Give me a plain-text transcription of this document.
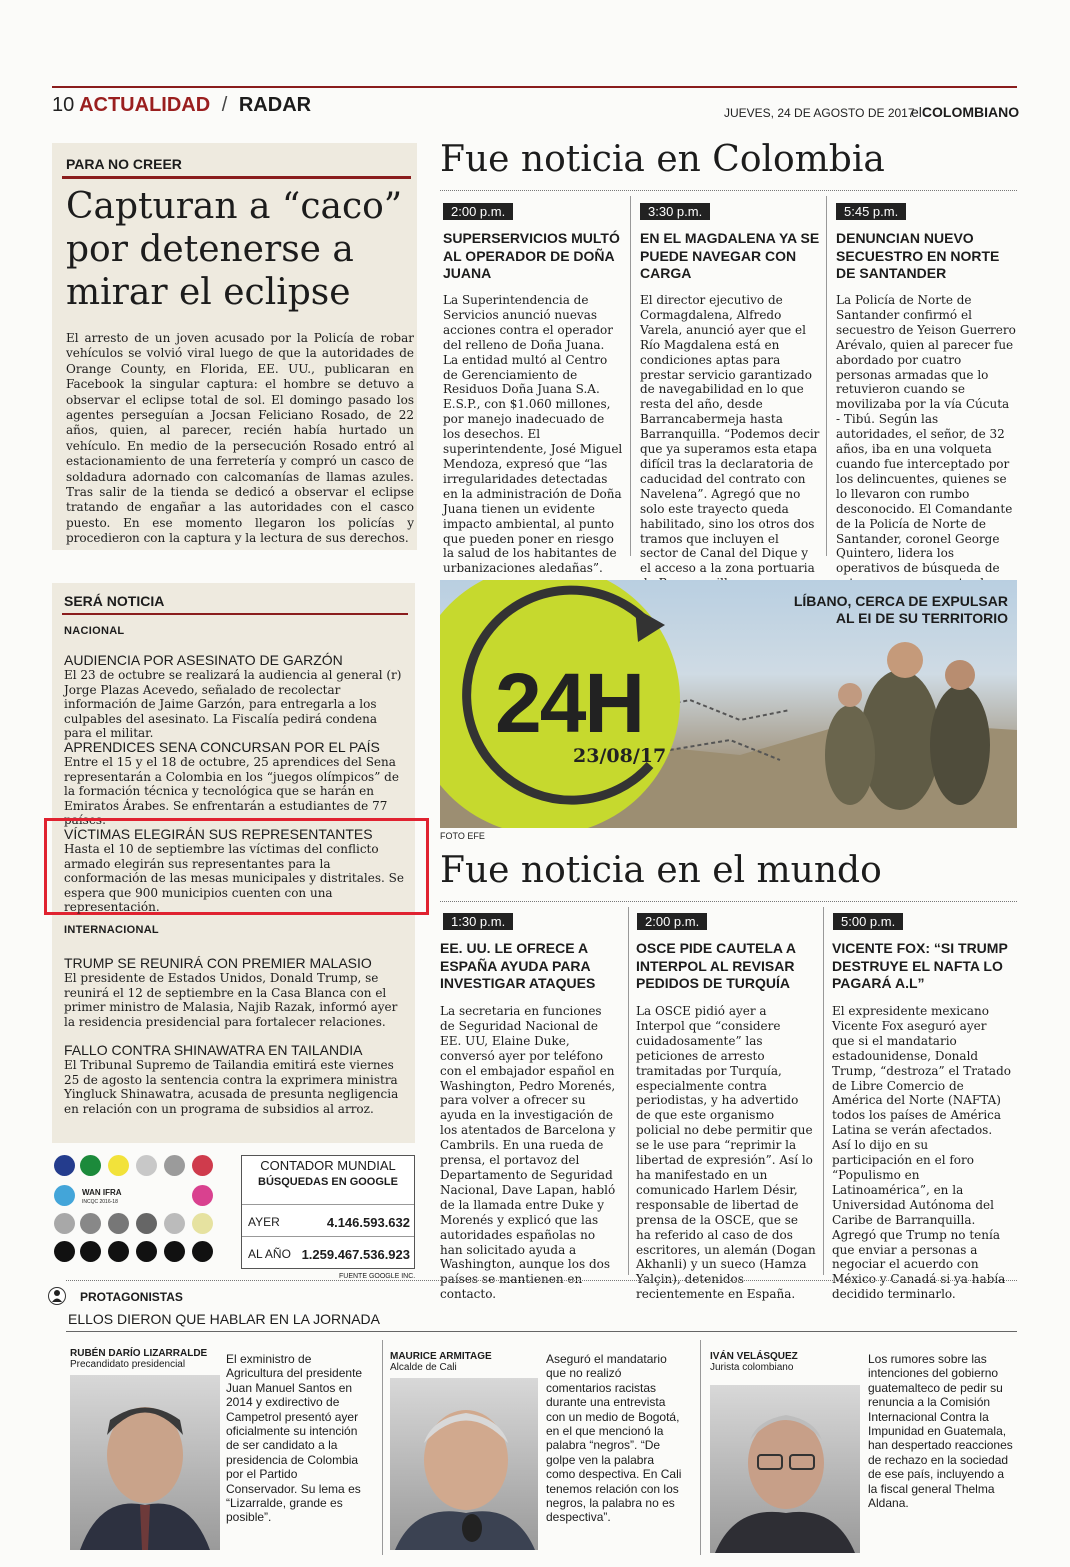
10 ACTUALIDAD / RADAR	JUEVES, 24 DE AGOSTO DE 2017
elCOLOMBIANO
PARA NO CREER
Capturan a “caco” por detenerse a mirar el eclipse
El arresto de un joven acusado por la Policía de robar vehículos se volvió viral luego de que la autoridades de Orange County, en Florida, EE. UU., publicaran en Facebook la singular captura: el hombre se detuvo a observar el eclipse total de sol. El domingo pasado los agentes perseguían a Jocsan Feliciano Rosado, de 22 años, quien, al parecer, recién había hurtado un vehículo. En medio de la persecución Rosado entró al estacionamiento de una ferretería y compró un casco de soldadura adornado con calcomanías de llamas azules. Tras salir de la tienda se dedicó a observar el eclipse tratando de engañar a las autoridades con el casco puesto. En ese momento llegaron los policías y procedieron con la captura y la lectura de sus derechos.
Fue noticia en Colombia
2:00 p.m.
SUPERSERVICIOS MULTÓ AL OPERADOR DE DOÑA JUANA
La Superintendencia de Servicios anunció nuevas acciones contra el operador del relleno de Doña Juana. La entidad multó al Centro de Gerenciamiento de Residuos Doña Juana S.A. E.S.P., con $1.060 millones, por manejo inadecuado de los desechos. El superintendente, José Miguel Mendoza, expresó que “las irregularidades detectadas en la administración de Doña Juana tienen un evidente impacto ambiental, al punto que pueden poner en riesgo la salud de los habitantes de urbanizaciones aledañas”.
3:30 p.m.
EN EL MAGDALENA YA SE PUEDE NAVEGAR CON CARGA
El director ejecutivo de Cormagdalena, Alfredo Varela, anunció ayer que el Río Magdalena está en condiciones aptas para prestar servicio garantizado de navegabilidad en lo que resta del año, desde Barrancabermeja hasta Barranquilla. “Podemos decir que ya superamos esta etapa difícil tras la declaratoria de caducidad del contrato con Navelena”. Agregó que no solo este trayecto queda habilitado, sino los otros dos tramos que incluyen el sector de Canal del Dique y el acceso a la zona portuaria
5:45 p.m.
DENUNCIAN NUEVO SECUESTRO EN NORTE DE SANTANDER
La Policía de Norte de Santander confirmó el secuestro de Yeison Guerrero Arévalo, quien al parecer fue abordado por cuatro personas armadas que lo retuvieron cuando se movilizaba por la vía Cúcuta - Tibú. Según las autoridades, el señor, de 32 años, iba en una volqueta cuando fue interceptado por los delincuentes, quienes se lo llevaron con rumbo desconocido. El Comandante de la Policía de Norte de Santander, coronel George Quintero, lidera los operativos de búsqueda de
SERÁ NOTICIA
NACIONAL
AUDIENCIA POR ASESINATO DE GARZÓN
El 23 de octubre se realizará la audiencia al general (r) Jorge Plazas Acevedo, señalado de recolectar información de Jaime Garzón, para entregarla a los culpables del asesinato. La Fiscalía pedirá condena para el militar.
APRENDICES SENA CONCURSAN POR EL PAÍS
Entre el 15 y el 18 de octubre, 25 aprendices del Sena representarán a Colombia en los “juegos olímpicos” de la formación técnica y tecnológica que se harán en Emiratos Árabes. Se enfrentarán a estudiantes de 77 países.
VÍCTIMAS ELEGIRÁN SUS REPRESENTANTES
Hasta el 10 de septiembre las víctimas del conflicto armado elegirán sus representantes para la conformación de las mesas municipales y distritales. Se espera que 900 municipios cuenten con una representación.
INTERNACIONAL
TRUMP SE REUNIRÁ CON PREMIER MALASIO
El presidente de Estados Unidos, Donald Trump, se reunirá el 12 de septiembre en la Casa Blanca con el primer ministro de Malasia, Najib Razak, informó ayer la residencia presidencial para fortalecer relaciones.
FALLO CONTRA SHINAWATRA EN TAILANDIA
El Tribunal Supremo de Tailandia emitirá este viernes 25 de agosto la sentencia contra la exprimera ministra Yingluck Shinawatra, acusada de presunta negligencia en relación con un programa de subsidios al arroz.
24H
23/08/17
LÍBANO, CERCA DE EXPULSAR AL EI DE SU TERRITORIO
FOTO EFE
Fue noticia en el mundo
1:30 p.m.
EE. UU. LE OFRECE A ESPAÑA AYUDA PARA INVESTIGAR ATAQUES
La secretaria en funciones de Seguridad Nacional de EE. UU, Elaine Duke, conversó ayer por teléfono con el embajador español en Washington, Pedro Morenés, para volver a ofrecer su ayuda en la investigación de los atentados de Barcelona y Cambrils. En una rueda de prensa, el portavoz del Departamento de Seguridad Nacional, Dave Lapan, habló de la llamada entre Duke y Morenés y explicó que las autoridades españolas no han solicitado ayuda a Washington, aunque los dos países se mantienen en contacto.
2:00 p.m.
OSCE PIDE CAUTELA A INTERPOL AL REVISAR PEDIDOS DE TURQUÍA
La OSCE pidió ayer a Interpol que “considere cuidadosamente” las peticiones de arresto tramitadas por Turquía, especialmente contra periodistas, y ha advertido de que este organismo policial no debe permitir que se le use para “reprimir la libertad de expresión”. Así lo ha manifestado en un comunicado Harlem Désir, responsable de libertad de prensa de la OSCE, que se ha referido al caso de dos escritores, un alemán (Dogan Akhanli) y un sueco (Hamza Yalçin), detenidos recientemente en España.
5:00 p.m.
VICENTE FOX: “SI TRUMP DESTRUYE EL NAFTA LO PAGARÁ A.L”
El expresidente mexicano Vicente Fox aseguró ayer que si el mandatario estadounidense, Donald Trump, “destroza” el Tratado de Libre Comercio de América del Norte (NAFTA) todos los países de América Latina se verán afectados. Así lo dijo en su participación en el foro “Populismo en Latinoamérica”, en la Universidad Autónoma del Caribe de Barranquilla. Agregó que Trump no tenía que enviar a personas a negociar el acuerdo con México y Canadá si ya había decidido terminarlo.
WAN IFRA
INCQC 2016-18
CONTADOR MUNDIAL
BÚSQUEDAS EN GOOGLE
AYER	4.146.593.632
AL AÑO 1.259.467.536.923
FUENTE GOOGLE INC.
PROTAGONISTAS
ELLOS DIERON QUE HABLAR EN LA JORNADA
RUBÉN DARÍO LIZARRALDE
Precandidato presidencial	El exministro de Agricultura del presidente Juan Manuel Santos en 2014 y exdirectivo de Campetrol presentó ayer oficialmente su intención de ser candidato a la presidencia de Colombia por el Partido Conservador. Su lema es “Lizarralde, grande es posible”.
MAURICE ARMITAGE
Alcalde de Cali
Aseguró el mandatario que no realizó comentarios racistas durante una entrevista con un medio de Bogotá, en el que mencionó la palabra “negros”. “De golpe ven la palabra como despectiva. En Cali tenemos relación con los negros, la palabra no es despectiva”.
IVÁN VELÁSQUEZ
Jurista colombiano
Los rumores sobre las intenciones del gobierno guatemalteco de pedir su renuncia a la Comisión Internacional Contra la Impunidad en Guatemala, han despertado reacciones de rechazo en la sociedad de ese país, incluyendo a la fiscal general Thelma Aldana.
